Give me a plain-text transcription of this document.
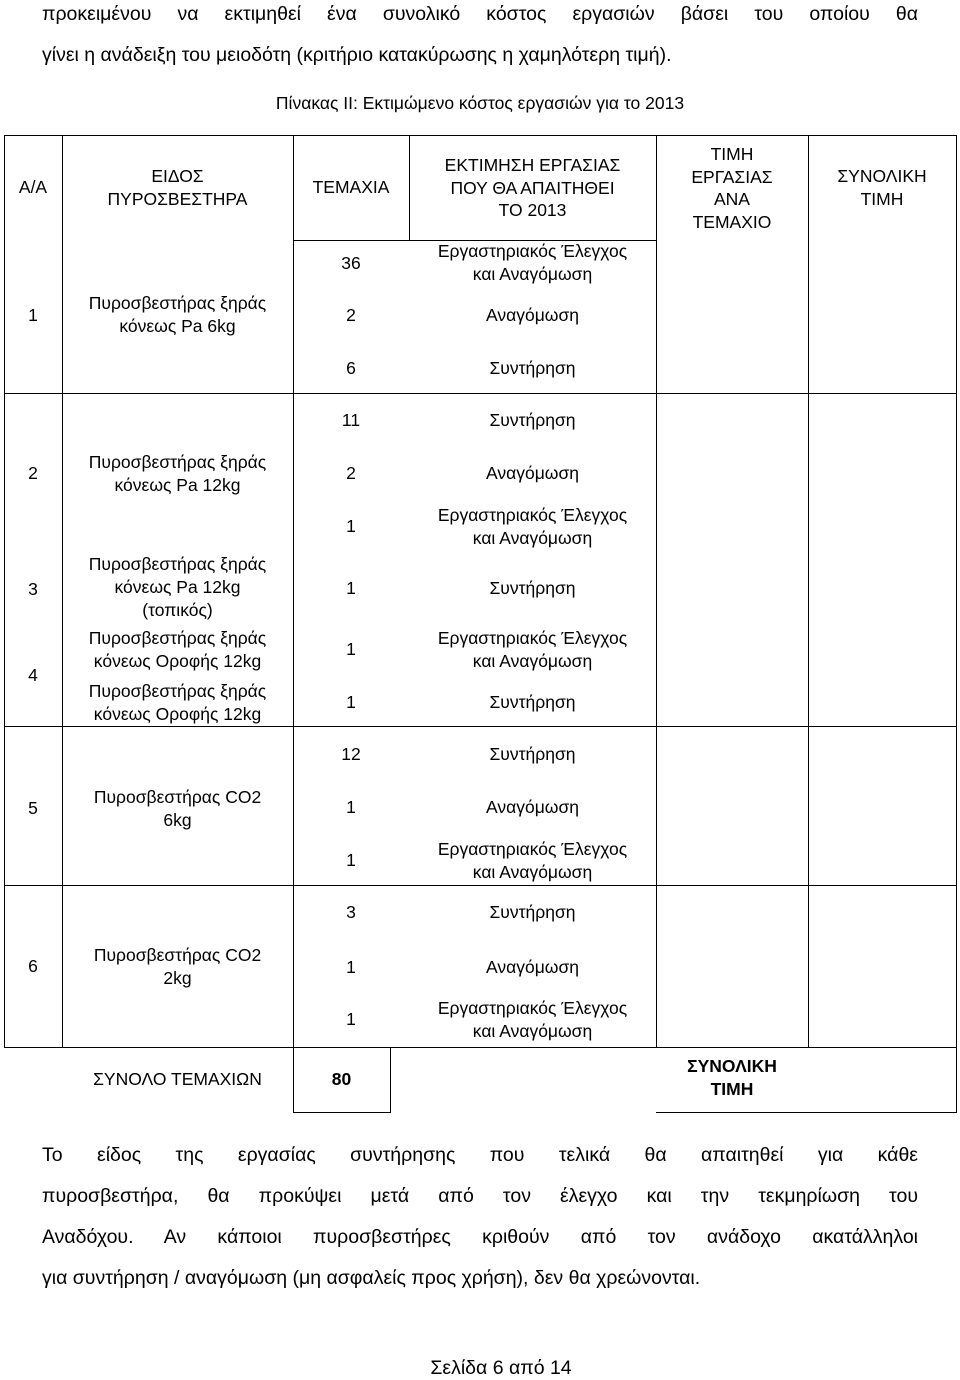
προκειμένου να εκτιμηθεί ένα συνολικό κόστος εργασιών βάσει του οποίου θα
γίνει η ανάδειξη του μειοδότη (κριτήριο κατακύρωσης η χαμηλότερη τιμή).
Πίνακας ΙΙ: Εκτιμώμενο κόστος εργασιών για το 2013
Α/Α
ΕΙΔΟΣ
ΠΥΡΟΣΒΕΣΤΗΡΑ
ΤΕΜΑΧΙΑ
ΕΚΤΙΜΗΣΗ ΕΡΓΑΣΙΑΣ
ΠΟΥ ΘΑ ΑΠΑΙΤΗΘΕΙ
ΤΟ 2013
ΤΙΜΗ
ΕΡΓΑΣΙΑΣ
ΑΝΑ
ΤΕΜΑΧΙΟ
ΣΥΝΟΛΙΚΗ
ΤΙΜΗ
1
2
3
4
5
6
Πυροσβεστήρας ξηράς
κόνεως Pa 6kg
Πυροσβεστήρας ξηράς
κόνεως Pa 12kg
Πυροσβεστήρας ξηράς
κόνεως Pa 12kg
(τοπικός)
Πυροσβεστήρας ξηράς
κόνεως Οροφής 12kg
Πυροσβεστήρας ξηράς
κόνεως Οροφής 12kg
Πυροσβεστήρας CO2
6kg
Πυροσβεστήρας CO2
2kg
36
2
6
11
2
1
1
1
1
12
1
1
3
1
1
Εργαστηριακός Έλεγχος
και Αναγόμωση
Αναγόμωση
Συντήρηση
Συντήρηση
Αναγόμωση
Εργαστηριακός Έλεγχος
και Αναγόμωση
Συντήρηση
Εργαστηριακός Έλεγχος
και Αναγόμωση
Συντήρηση
Συντήρηση
Αναγόμωση
Εργαστηριακός Έλεγχος
και Αναγόμωση
Συντήρηση
Αναγόμωση
Εργαστηριακός Έλεγχος
και Αναγόμωση
ΣΥΝΟΛΟ ΤΕΜΑΧΙΩΝ	80
ΣΥΝΟΛΙΚΗ
ΤΙΜΗ
Το είδος της εργασίας συντήρησης που τελικά θα απαιτηθεί για κάθε
πυροσβεστήρα, θα προκύψει μετά από τον έλεγχο και την τεκμηρίωση του
Αναδόχου. Αν κάποιοι πυροσβεστήρες κριθούν από τον ανάδοχο ακατάλληλοι
για συντήρηση / αναγόμωση (μη ασφαλείς προς χρήση), δεν θα χρεώνονται.
Σελίδα 6 από 14
